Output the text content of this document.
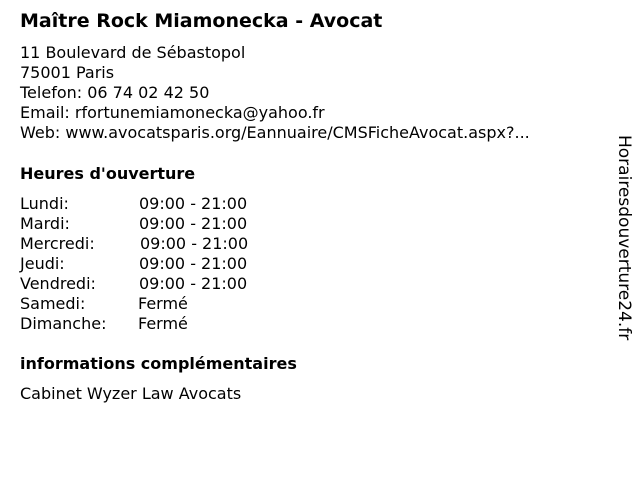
Maître Rock Miamonecka - Avocat
11 Boulevard de Sébastopol
75001 Paris
Telefon: 06 74 02 42 50
Email: rfortunemiamonecka@yahoo.fr
Web: www.avocatsparis.org/Eannuaire/CMSFicheAvocat.aspx?...
Heures d'ouverture
Lundi:	09:00 - 21:00
Mardi:	09:00 - 21:00
Mercredi:	09:00 - 21:00
Jeudi:	09:00 - 21:00
Vendredi:	09:00 - 21:00
Samedi:	Fermé
Dimanche: Fermé
informations complémentaires
Cabinet Wyzer Law Avocats
Horairesdouverture24.fr
